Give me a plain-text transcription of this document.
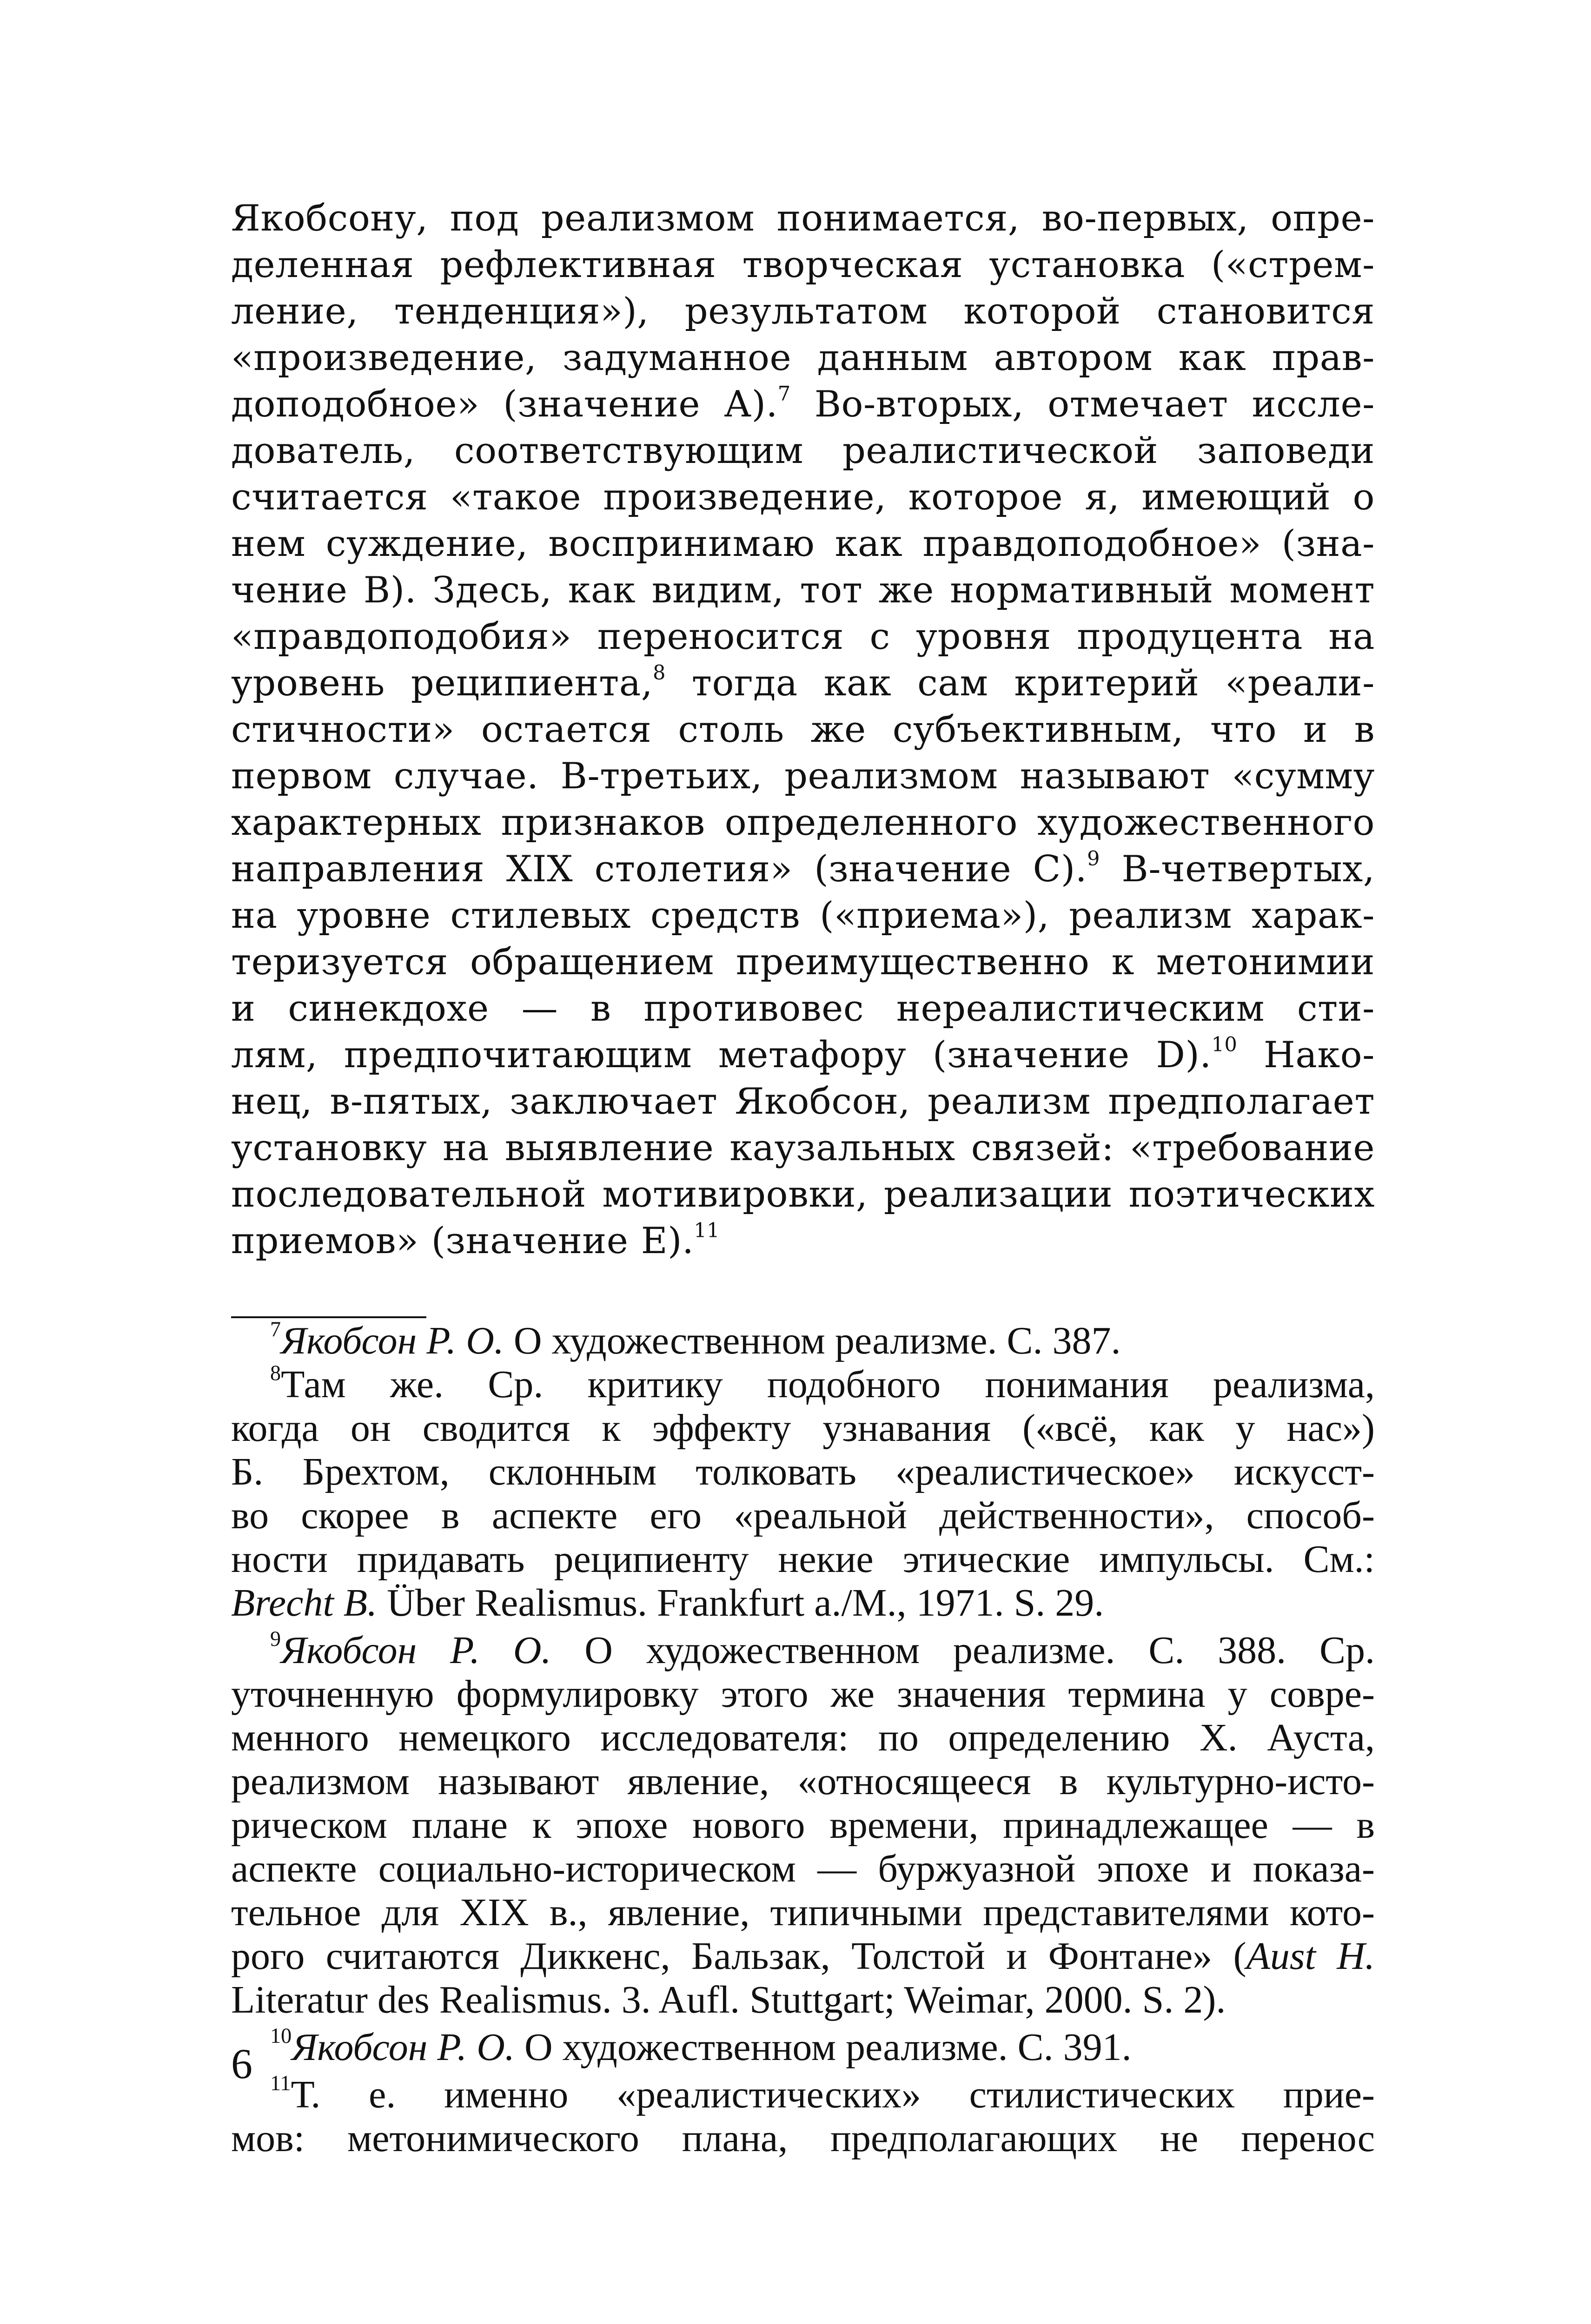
Якобсону, под реализмом понимается, во-первых, опре-
деленная рефлективная творческая установка («стрем-
ление, тенденция»), результатом которой становится
«произведение, задуманное данным автором как прав-
доподобное» (значение А).$^7$ Во-вторых, отмечает иссле-
дователь, соответствующим реалистической заповеди
считается «такое произведение, которое я, имеющий о
нем суждение, воспринимаю как правдоподобное» (зна-
чение В). Здесь, как видим, тот же нормативный момент
«правдоподобия» переносится с уровня продуцента на
уровень реципиента,$^8$ тогда как сам критерий «реали-
стичности» остается столь же субъективным, что и в
первом случае. В-третьих, реализмом называют «сумму
характерных признаков определенного художественного
направления XIX столетия» (значение С).$^9$ В-четвертых,
на уровне стилевых средств («приема»), реализм харак-
теризуется обращением преимущественно к метонимии
и синекдохе — в противовес нереалистическим сти-
лям, предпочитающим метафору (значение D).$^{10}$ Нако-
нец, в-пятых, заключает Якобсон, реализм предполагает
установку на выявление каузальных связей: «требование
последовательной мотивировки, реализации поэтических
приемов» (значение Е).$^{11}$
$^7$Якобсон Р. О. О художественном реализме. С. 387.
$^8$Там же. Ср. критику подобного понимания реализма,
когда он сводится к эффекту узнавания («всё, как у нас»)
Б. Брехтом, склонным толковать «реалистическое» искусст-
во скорее в аспекте его «реальной действенности», способ-
ности придавать реципиенту некие этические импульсы. См.:
Brecht B. Über Realismus. Frankfurt a./M., 1971. S. 29.
$^9$Якобсон Р. О. О художественном реализме. С. 388. Ср.
уточненную формулировку этого же значения термина у совре-
менного немецкого исследователя: по определению Х. Ауста,
реализмом называют явление, «относящееся в культурно-исто-
рическом плане к эпохе нового времени, принадлежащее — в
аспекте социально-историческом — буржуазной эпохе и показа-
тельное для XIX в., явление, типичными представителями кото-
рого считаются Диккенс, Бальзак, Толстой и Фонтане» (Aust H.
Literatur des Realismus. 3. Aufl. Stuttgart; Weimar, 2000. S. 2).
$^{10}$Якобсон Р. О. О художественном реализме. С. 391.
$^{11}$Т. е. именно «реалистических» стилистических прие-
мов: метонимического плана, предполагающих не перенос
6
